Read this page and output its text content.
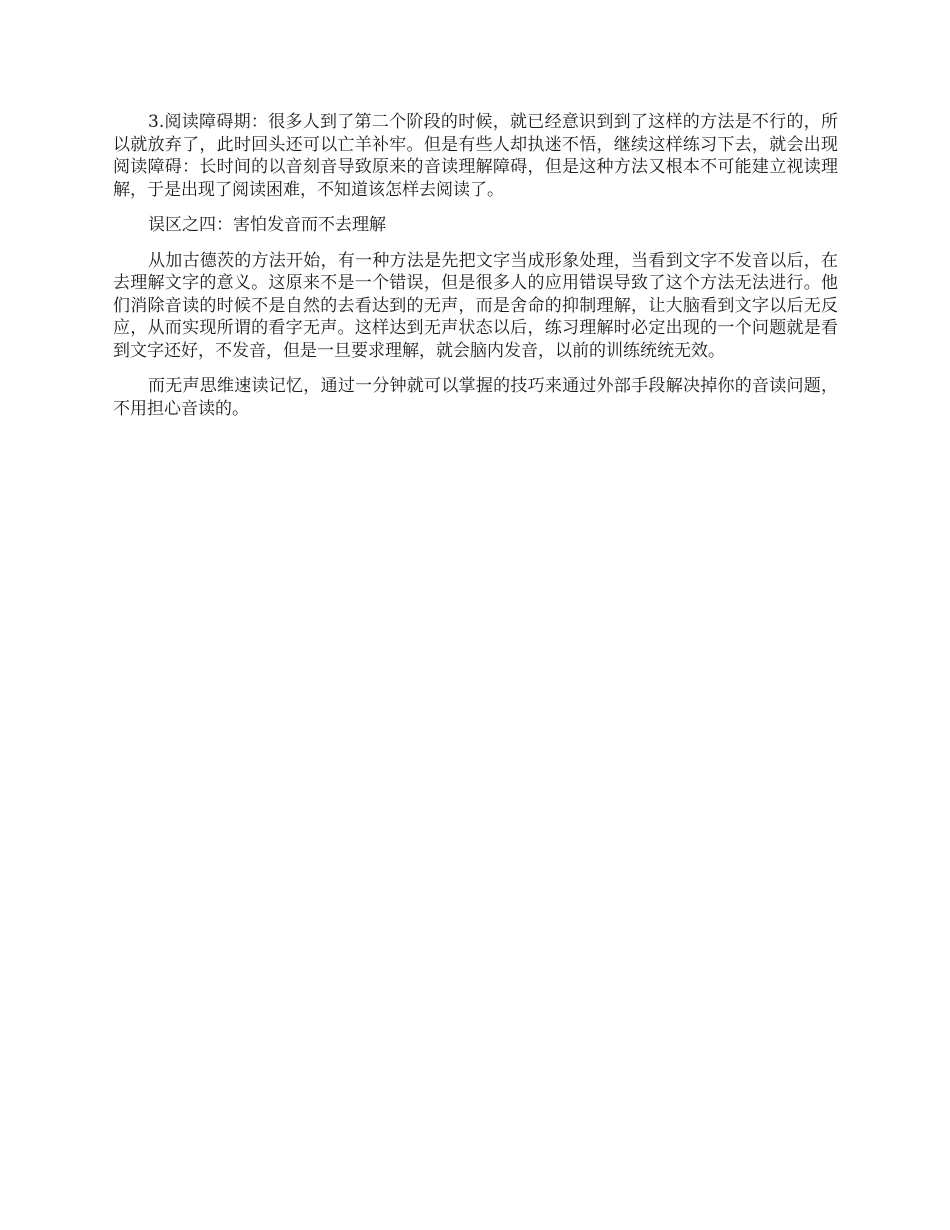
3.阅读障碍期：很多人到了第二个阶段的时候，就已经意识到到了这样的方法是不行的，所以就放弃了，此时回头还可以亡羊补牢。但是有些人却执迷不悟，继续这样练习下去，就会出现阅读障碍：长时间的以音刻音导致原来的音读理解障碍，但是这种方法又根本不可能建立视读理解，于是出现了阅读困难，不知道该怎样去阅读了。

误区之四：害怕发音而不去理解

从加古德茨的方法开始，有一种方法是先把文字当成形象处理，当看到文字不发音以后，在去理解文字的意义。这原来不是一个错误，但是很多人的应用错误导致了这个方法无法进行。他们消除音读的时候不是自然的去看达到的无声，而是舍命的抑制理解，让大脑看到文字以后无反应，从而实现所谓的看字无声。这样达到无声状态以后，练习理解时必定出现的一个问题就是看到文字还好，不发音，但是一旦要求理解，就会脑内发音，以前的训练统统无效。

而无声思维速读记忆，通过一分钟就可以掌握的技巧来通过外部手段解决掉你的音读问题，不用担心音读的。
